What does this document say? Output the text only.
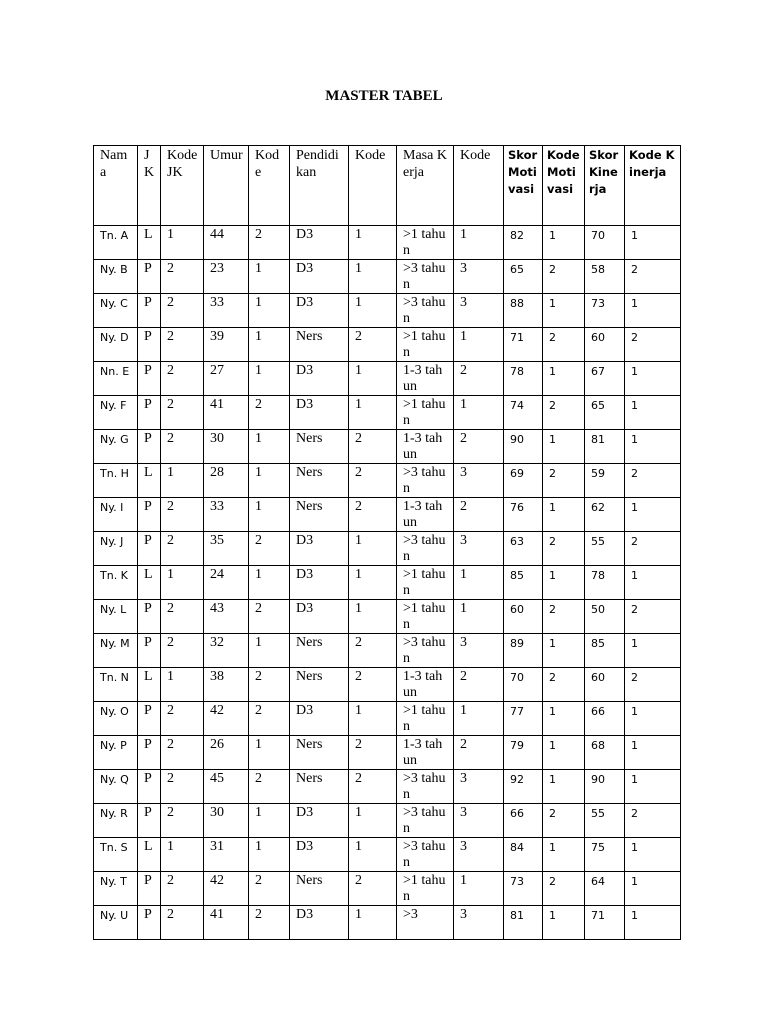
MASTER TABEL
Nama	JK	Kode JK	Umur	Kode	Pendidikan	Kode	Masa Kerja	Kode	Skor Motivasi	Kode Motivasi	Skor Kinerja	Kode Kinerja
Tn. A	L	1	44	2	D3	1	>1 tahun	1	82	1	70	1
Ny. B	P	2	23	1	D3	1	>3 tahun	3	65	2	58	2
Ny. C	P	2	33	1	D3	1	>3 tahun	3	88	1	73	1
Ny. D	P	2	39	1	Ners	2	>1 tahun	1	71	2	60	2
Nn. E	P	2	27	1	D3	1	1-3 tahun	2	78	1	67	1
Ny. F	P	2	41	2	D3	1	>1 tahun	1	74	2	65	1
Ny. G	P	2	30	1	Ners	2	1-3 tahun	2	90	1	81	1
Tn. H	L	1	28	1	Ners	2	>3 tahun	3	69	2	59	2
Ny. I	P	2	33	1	Ners	2	1-3 tahun	2	76	1	62	1
Ny. J	P	2	35	2	D3	1	>3 tahun	3	63	2	55	2
Tn. K	L	1	24	1	D3	1	>1 tahun	1	85	1	78	1
Ny. L	P	2	43	2	D3	1	>1 tahun	1	60	2	50	2
Ny. M	P	2	32	1	Ners	2	>3 tahun	3	89	1	85	1
Tn. N	L	1	38	2	Ners	2	1-3 tahun	2	70	2	60	2
Ny. O	P	2	42	2	D3	1	>1 tahun	1	77	1	66	1
Ny. P	P	2	26	1	Ners	2	1-3 tahun	2	79	1	68	1
Ny. Q	P	2	45	2	Ners	2	>3 tahun	3	92	1	90	1
Ny. R	P	2	30	1	D3	1	>3 tahun	3	66	2	55	2
Tn. S	L	1	31	1	D3	1	>3 tahun	3	84	1	75	1
Ny. T	P	2	42	2	Ners	2	>1 tahun	1	73	2	64	1
Ny. U	P	2	41	2	D3	1	>3	3	81	1	71	1
